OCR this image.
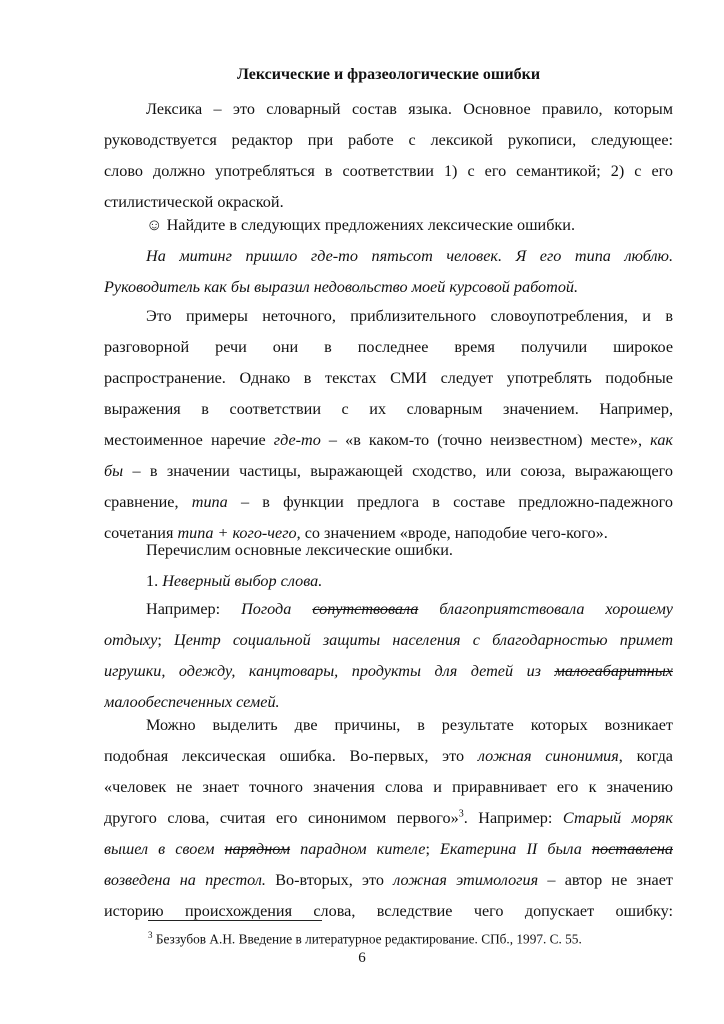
Лексические и фразеологические ошибки
Лексика – это словарный состав языка. Основное правило, которым
руководствуется редактор при работе с лексикой рукописи, следующее:
слово должно употребляться в соответствии 1) с его семантикой; 2) с его
стилистической окраской.
☺ Найдите в следующих предложениях лексические ошибки.
На митинг пришло где-то пятьсот человек. Я его типа люблю.
Руководитель как бы выразил недовольство моей курсовой работой.
Это примеры неточного, приблизительного словоупотребления, и в
разговорной речи они в последнее время получили широкое
распространение. Однако в текстах СМИ следует употреблять подобные
выражения в соответствии с их словарным значением. Например,
местоименное наречие где-то – «в каком-то (точно неизвестном) месте», как
бы – в значении частицы, выражающей сходство, или союза, выражающего
сравнение, типа – в функции предлога в составе предложно-падежного
сочетания типа + кого-чего, со значением «вроде, наподобие чего-кого».
Перечислим основные лексические ошибки.
1. Неверный выбор слова.
Например: Погода сопутствовала благоприятствовала хорошему
отдыху; Центр социальной защиты населения с благодарностью примет
игрушки, одежду, канцтовары, продукты для детей из малогабаритных
малообеспеченных семей.
Можно выделить две причины, в результате которых возникает
подобная лексическая ошибка. Во-первых, это ложная синонимия, когда
«человек не знает точного значения слова и приравнивает его к значению
другого слова, считая его синонимом первого»$^3$. Например: Старый моряк
вышел в своем нарядном парадном кителе; Екатерина II была поставлена
возведена на престол. Во-вторых, это ложная этимология – автор не знает
историю происхождения слова, вследствие чего допускает ошибку:
$^3$ Беззубов А.Н. Введение в литературное редактирование. СПб., 1997. С. 55.
6
